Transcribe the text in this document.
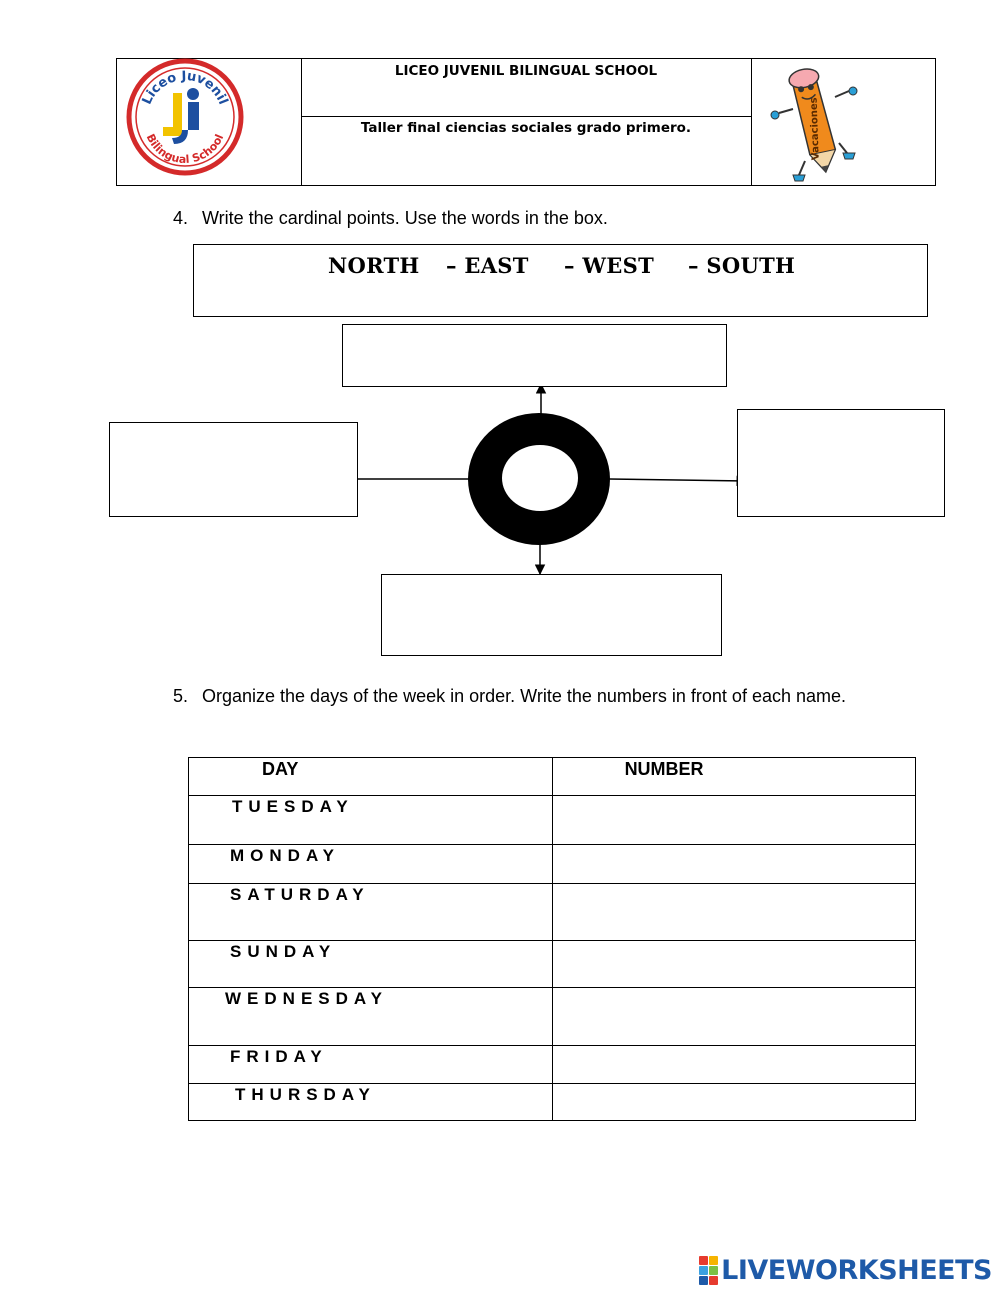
LICEO JUVENIL BILINGUAL SCHOOL
Taller final ciencias sociales grado primero.
Liceo Juvenil
Bilingual School	Vacaciones
4. Write the cardinal points. Use the words in the box.
NORTH – EAST – WEST – SOUTH
5. Organize the days of the week in order. Write the numbers in front of each name.
DAY	NUMBER

TUESDAY	

MONDAY	

SATURDAY	

SUNDAY	

WEDNESDAY	

FRIDAY	

THURSDAY	

LIVEWORKSHEETS
